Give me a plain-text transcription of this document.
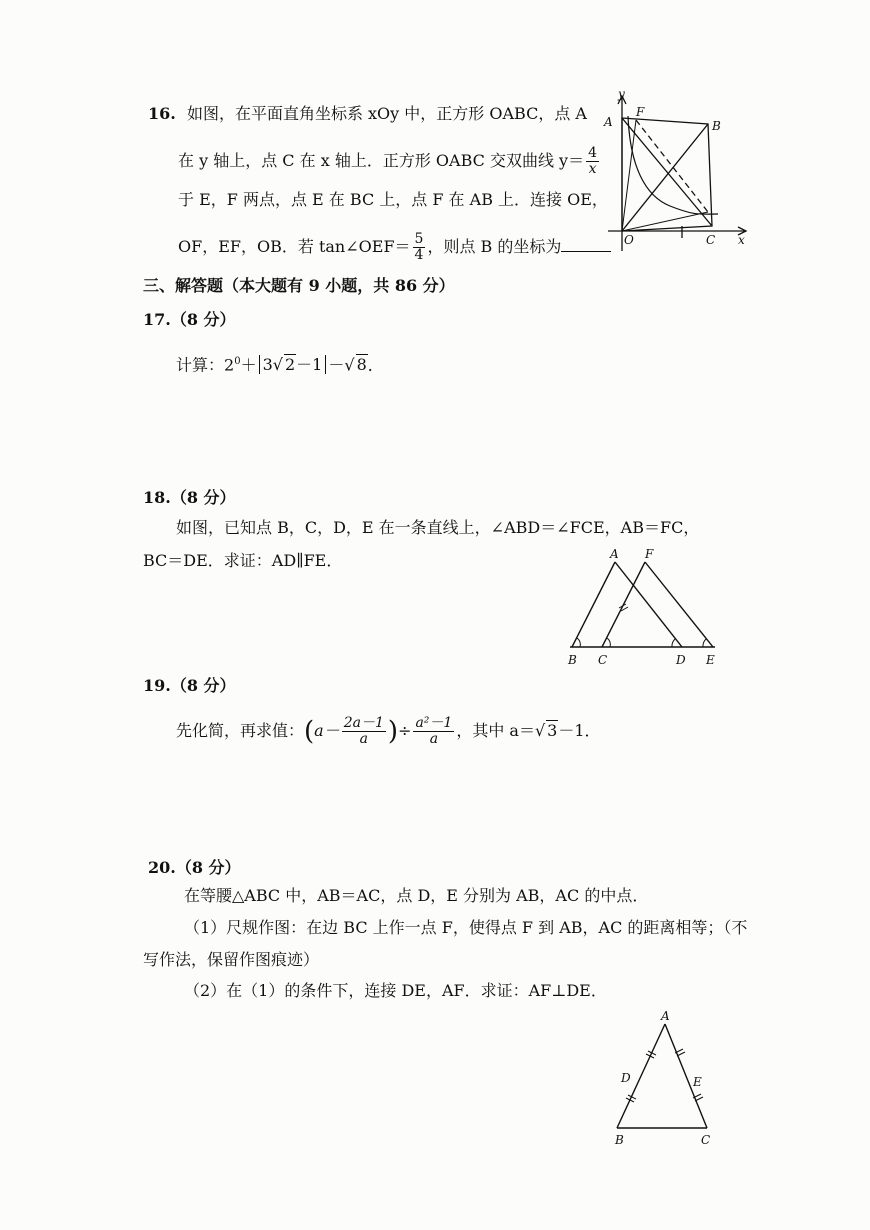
16. 如图，在平面直角坐标系 xOy 中，正方形 OABC，点 A
在 y 轴上，点 C 在 x 轴上．正方形 OABC 交双曲线 $y= \frac{4}{x}$
于 E，F 两点，点 E 在 BC 上，点 F 在 AB 上．连接 OE，
OF，EF，OB．若 tan∠OEF＝ $\frac{5}{4}$ ，则点 B 的坐标为
y
F
A	B
O	C x
三、解答题（本大题有 9 小题，共 86 分）
17.（8 分）
计算：$2^0+ 3√$ 2－1 －√ 8．
18.（8 分）
如图，已知点 B，C，D，E 在一条直线上，∠ABD＝∠FCE，AB＝FC，
BC＝DE．求证：AD∥FE．	A F
B C	D E
19.（8 分）
先化简，再求值：($a- \frac{2a-1}{a}$ )÷ $\frac{\text{a²－1}}{a}$ ，其中 a＝√ 3－1．
20.（8 分）
在等腰△ABC 中，AB＝AC，点 D，E 分别为 AB，AC 的中点．
（1）尺规作图：在边 BC 上作一点 F，使得点 F 到 AB，AC 的距离相等；（不
写作法，保留作图痕迹）
（2）在（1）的条件下，连接 DE，AF．求证：AF⊥DE．
A
D	E
B	C
